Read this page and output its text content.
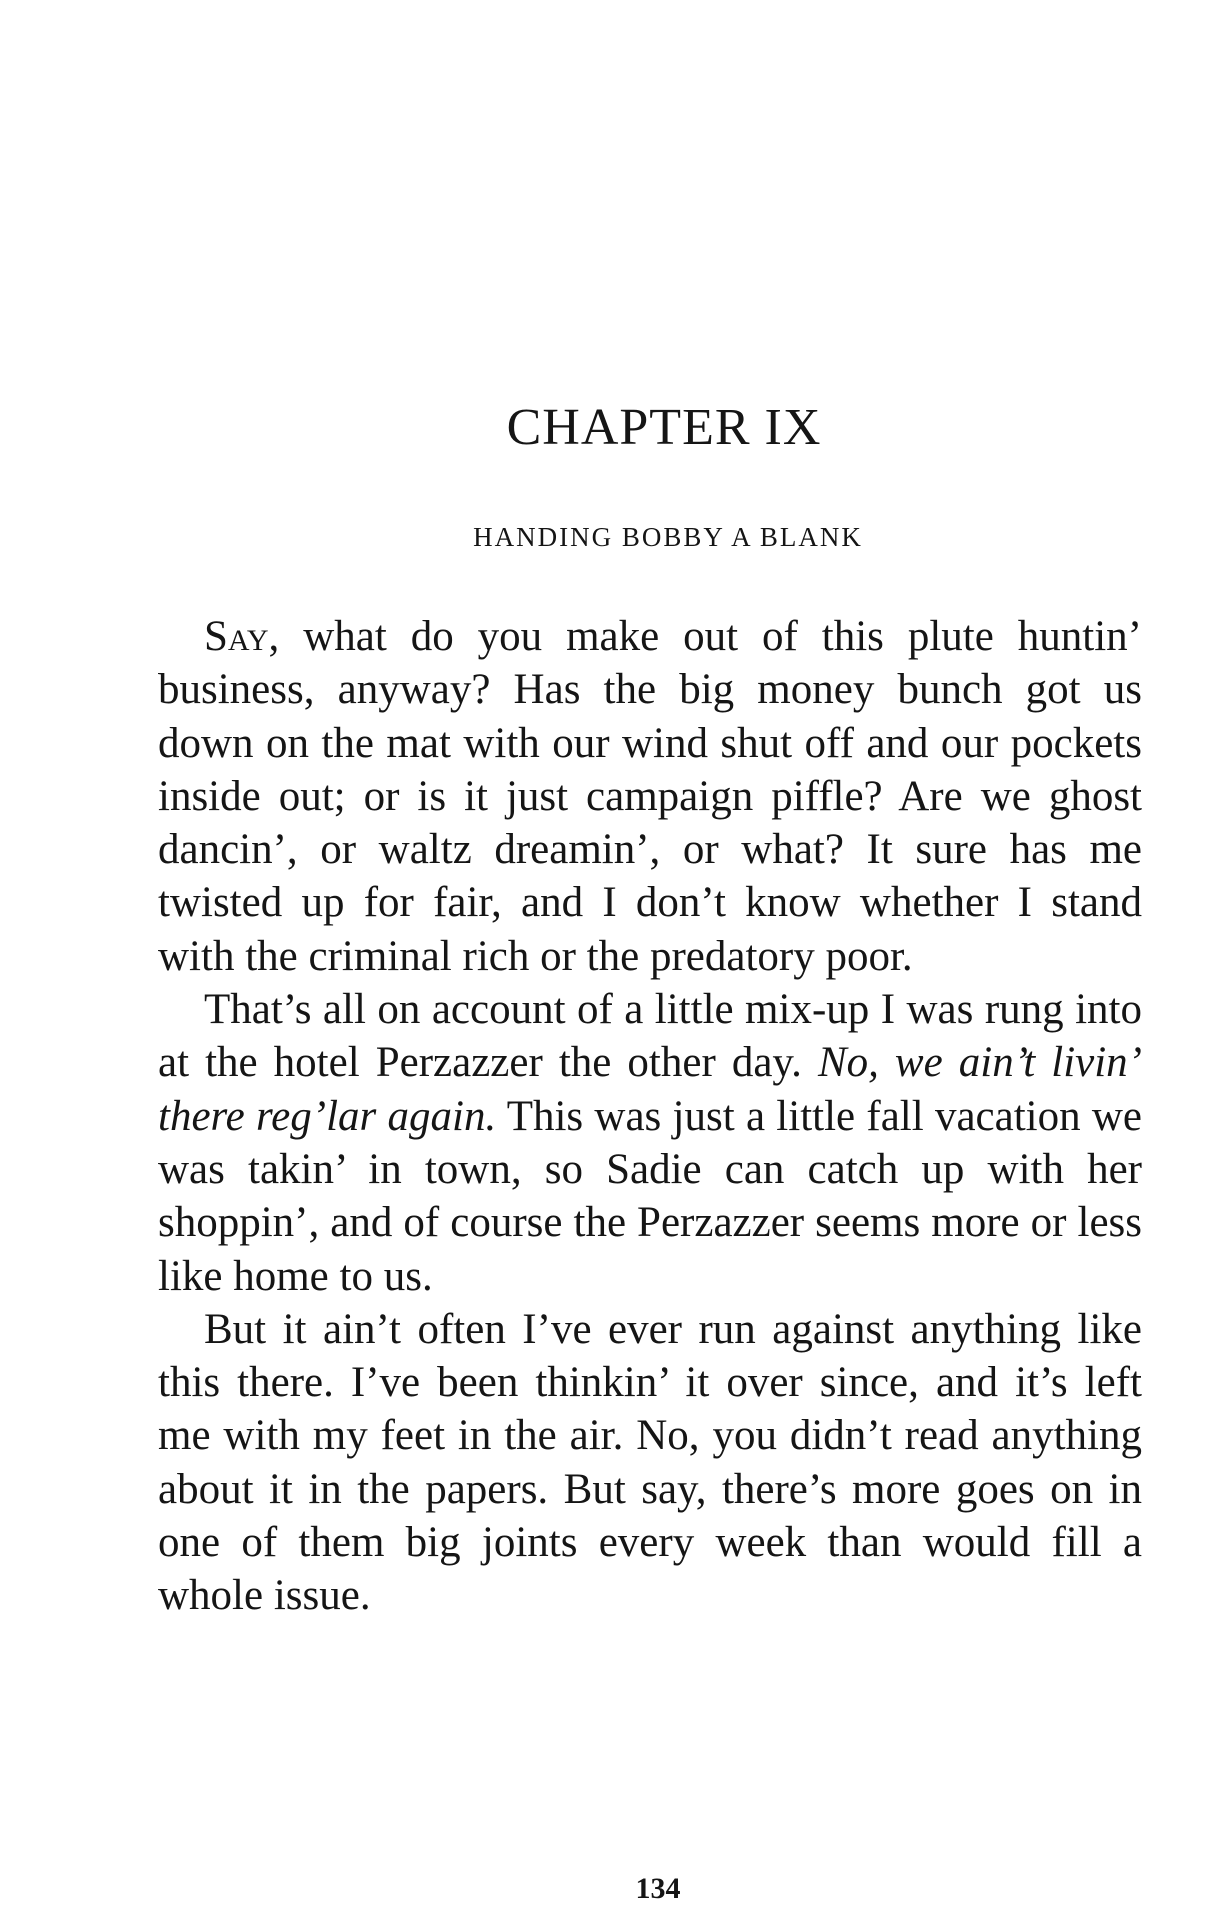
CHAPTER IX
HANDING BOBBY A BLANK

Say, what do you make out of this plute huntin’ business, anyway? Has the big money bunch got us down on the mat with our wind shut off and our pockets inside out; or is it just campaign piffle? Are we ghost dancin’, or waltz dreamin’, or what? It sure has me twisted up for fair, and I don’t know whether I stand with the criminal rich or the predatory poor.

That’s all on account of a little mix-up I was rung into at the hotel Perzazzer the other day. No, we ain’t livin’ there reg’lar again. This was just a little fall vacation we was takin’ in town, so Sadie can catch up with her shoppin’, and of course the Perzazzer seems more or less like home to us.

But it ain’t often I’ve ever run against anything like this there. I’ve been thinkin’ it over since, and it’s left me with my feet in the air. No, you didn’t read anything about it in the papers. But say, there’s more goes on in one of them big joints every week than would fill a whole issue.

134
